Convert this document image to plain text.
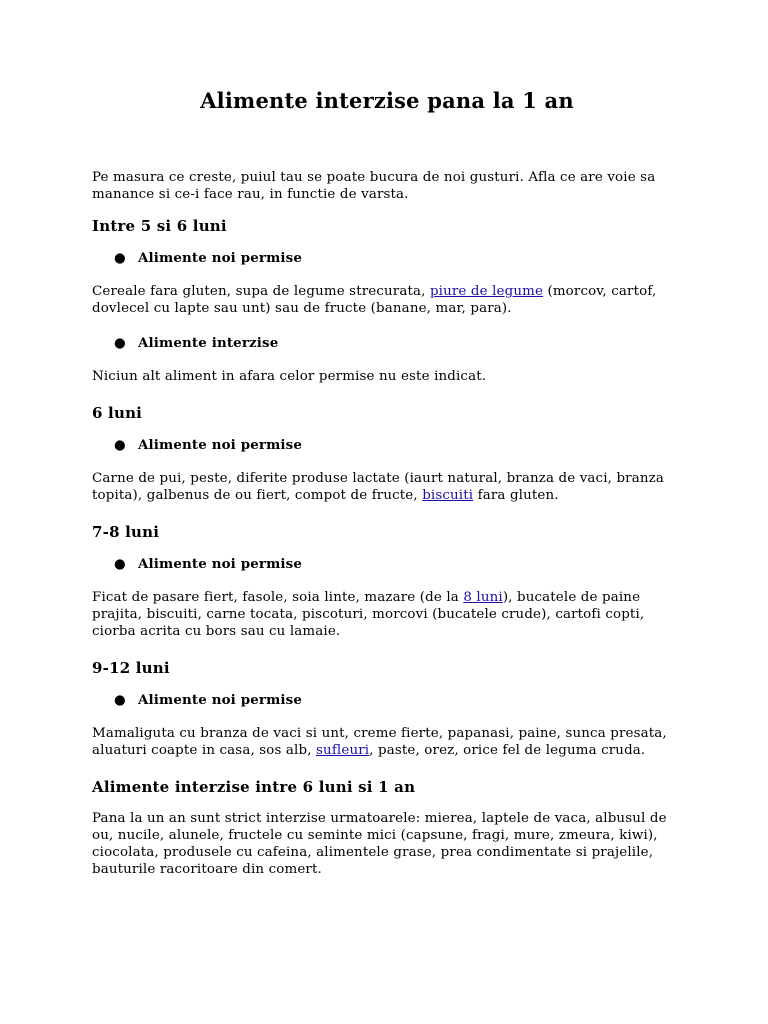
Alimente interzise pana la 1 an

Pe masura ce creste, puiul tau se poate bucura de noi gusturi. Afla ce are voie sa manance si ce-i face rau, in functie de varsta.

Intre 5 si 6 luni
● Alimente noi permise

Cereale fara gluten, supa de legume strecurata, piure de legume (morcov, cartof, dovlecel cu lapte sau unt) sau de fructe (banane, mar, para).

● Alimente interzise

Niciun alt aliment in afara celor permise nu este indicat.

6 luni
● Alimente noi permise

Carne de pui, peste, diferite produse lactate (iaurt natural, branza de vaci, branza topita), galbenus de ou fiert, compot de fructe, biscuiti fara gluten.

7-8 luni
● Alimente noi permise

Ficat de pasare fiert, fasole, soia linte, mazare (de la 8 luni), bucatele de paine prajita, biscuiti, carne tocata, piscoturi, morcovi (bucatele crude), cartofi copti, ciorba acrita cu bors sau cu lamaie.

9-12 luni
● Alimente noi permise

Mamaliguta cu branza de vaci si unt, creme fierte, papanasi, paine, sunca presata, aluaturi coapte in casa, sos alb, sufleuri, paste, orez, orice fel de leguma cruda.

Alimente interzise intre 6 luni si 1 an

Pana la un an sunt strict interzise urmatoarele: mierea, laptele de vaca, albusul de ou, nucile, alunele, fructele cu seminte mici (capsune, fragi, mure, zmeura, kiwi), ciocolata, produsele cu cafeina, alimentele grase, prea condimentate si prajelile, bauturile racoritoare din comert.
